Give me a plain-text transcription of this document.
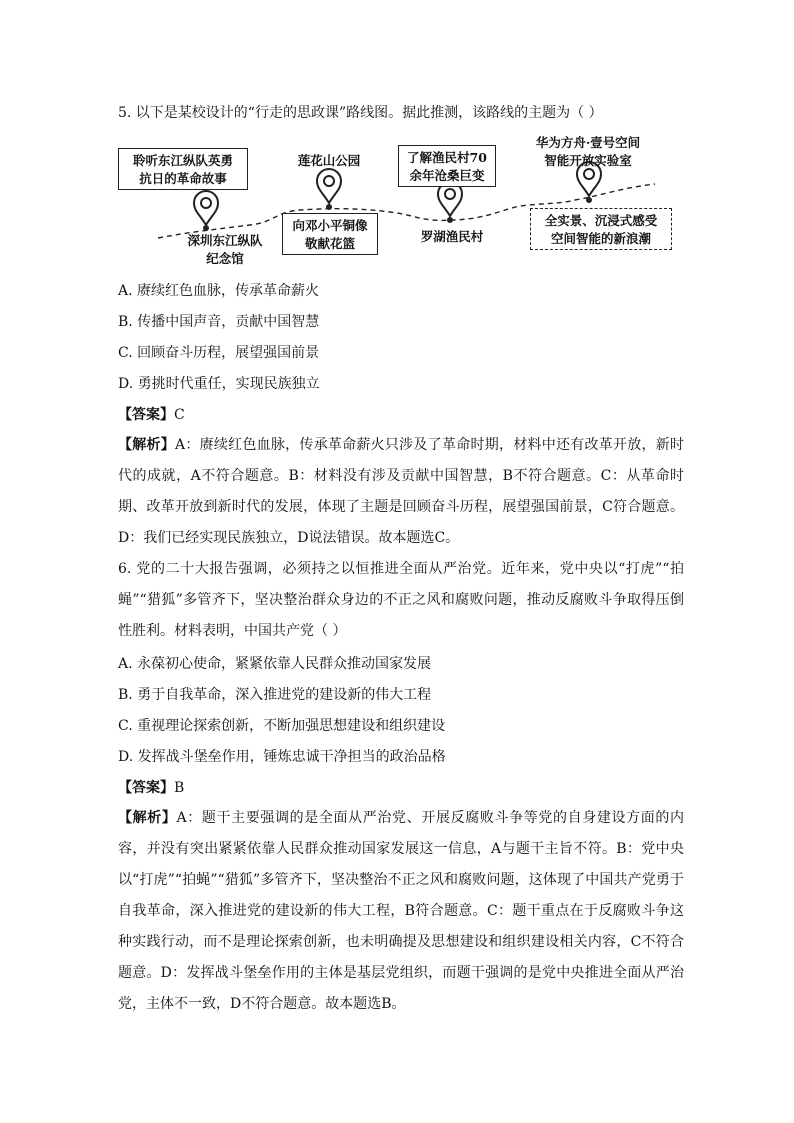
5. 以下是某校设计的“行走的思政课”路线图。据此推测，该路线的主题为（ ）
聆听东江纵队英勇
抗日的革命故事
深圳东江纵队
纪念馆
莲花山公园
向邓小平铜像
敬献花篮
了解渔民村70
余年沧桑巨变
罗湖渔民村
华为方舟·壹号空间
智能开放实验室
全实景、沉浸式感受
空间智能的新浪潮
A. 赓续红色血脉，传承革命薪火
B. 传播中国声音，贡献中国智慧
C. 回顾奋斗历程，展望强国前景
D. 勇挑时代重任，实现民族独立
【答案】C
【解析】A：赓续红色血脉，传承革命薪火只涉及了革命时期，材料中还有改革开放，新时代的成就，A不符合题意。B：材料没有涉及贡献中国智慧，B不符合题意。C：从革命时期、改革开放到新时代的发展，体现了主题是回顾奋斗历程，展望强国前景，C符合题意。D：我们已经实现民族独立，D说法错误。故本题选C。
6. 党的二十大报告强调，必须持之以恒推进全面从严治党。近年来，党中央以“打虎”“拍蝇”“猎狐”多管齐下，坚决整治群众身边的不正之风和腐败问题，推动反腐败斗争取得压倒性胜利。材料表明，中国共产党（ ）
A. 永葆初心使命，紧紧依靠人民群众推动国家发展
B. 勇于自我革命，深入推进党的建设新的伟大工程
C. 重视理论探索创新，不断加强思想建设和组织建设
D. 发挥战斗堡垒作用，锤炼忠诚干净担当的政治品格
【答案】B
【解析】A：题干主要强调的是全面从严治党、开展反腐败斗争等党的自身建设方面的内容，并没有突出紧紧依靠人民群众推动国家发展这一信息，A与题干主旨不符。B：党中央以“打虎”“拍蝇”“猎狐”多管齐下，坚决整治不正之风和腐败问题，这体现了中国共产党勇于自我革命，深入推进党的建设新的伟大工程，B符合题意。C：题干重点在于反腐败斗争这种实践行动，而不是理论探索创新，也未明确提及思想建设和组织建设相关内容，C不符合题意。D：发挥战斗堡垒作用的主体是基层党组织，而题干强调的是党中央推进全面从严治党，主体不一致，D不符合题意。故本题选B。
